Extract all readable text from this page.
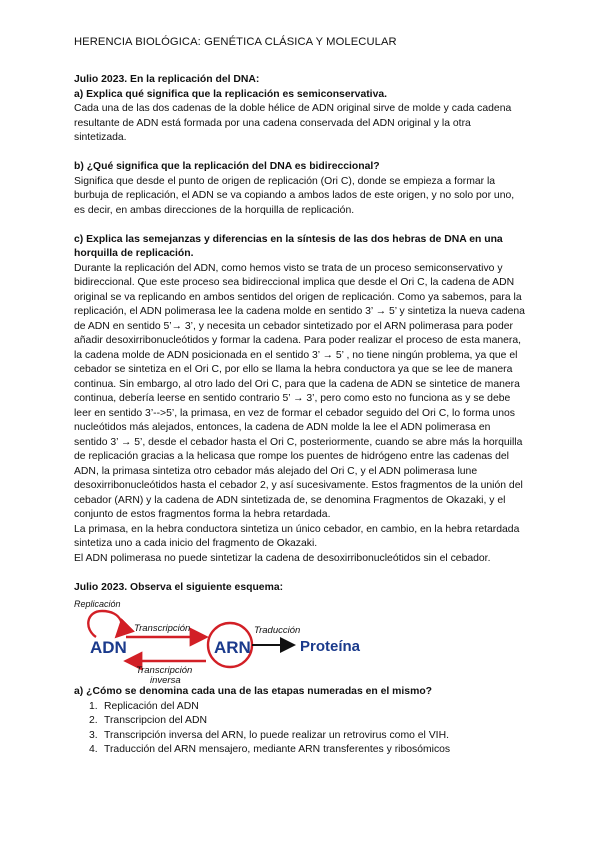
HERENCIA BIOLÓGICA: GENÉTICA CLÁSICA Y MOLECULAR

Julio 2023. En la replicación del DNA:

a) Explica qué significa que la replicación es semiconservativa.

Cada una de las dos cadenas de la doble hélice de ADN original sirve de molde y cada cadena resultante de ADN está formada por una cadena conservada del ADN original y la otra sintetizada.

b) ¿Qué significa que la replicación del DNA es bidireccional?

Significa que desde el punto de origen de replicación (Ori C), donde se empieza a formar la burbuja de replicación, el ADN se va copiando a ambos lados de este origen, y no solo por uno, es decir, en ambas direcciones de la horquilla de replicación.

c) Explica las semejanzas y diferencias en la síntesis de las dos hebras de DNA en una horquilla de replicación.

Durante la replicación del ADN, como hemos visto se trata de un proceso semiconservativo y bidireccional. Que este proceso sea bidireccional implica que desde el Ori C, la cadena de ADN original se va replicando en ambos sentidos del origen de replicación. Como ya sabemos, para la replicación, el ADN polimerasa lee la cadena molde en sentido 3’ → 5’ y sintetiza la nueva cadena de ADN en sentido 5’→ 3’, y necesita un cebador sintetizado por el ARN polimerasa para poder añadir desoxirribonucleótidos y formar la cadena. Para poder realizar el proceso de esta manera, la cadena molde de ADN posicionada en el sentido 3’ → 5’ , no tiene ningún problema, ya que el cebador se sintetiza en el Ori C, por ello se llama la hebra conductora ya que se lee de manera continua. Sin embargo, al otro lado del Ori C, para que la cadena de ADN se sintetice de manera continua, debería leerse en sentido contrario 5’ → 3’, pero como esto no funciona as y se debe leer en sentido 3’-->5’, la primasa, en vez de formar el cebador seguido del Ori C, lo forma unos nucleótidos más alejados, entonces, la cadena de ADN molde la lee el ADN polimerasa en sentido 3’ → 5’, desde el cebador hasta el Ori C, posteriormente, cuando se abre más la horquilla de replicación gracias a la helicasa que rompe los puentes de hidrógeno entre las cadenas del ADN, la primasa sintetiza otro cebador más alejado del Ori C, y el ADN polimerasa lune desoxirribonucleótidos hasta el cebador 2, y así sucesivamente. Estos fragmentos de la unión del cebador (ARN) y la cadena de ADN sintetizada de, se denomina Fragmentos de Okazaki, y el conjunto de estos fragmentos forma la hebra retardada.

La primasa, en la hebra conductora sintetiza un único cebador, en cambio, en la hebra retardada sintetiza uno a cada inicio del fragmento de Okazaki.

El ADN polimerasa no puede sintetizar la cadena de desoxirribonucleótidos sin el cebador.

Julio 2023. Observa el siguiente esquema:

Replicación
ADN
Transcripción
Transcripción
inversa
ARN
Traducción
Proteína

a) ¿Cómo se denomina cada una de las etapas numeradas en el mismo?

1. Replicación del ADN
2. Transcripcion del ADN
3. Transcripción inversa del ARN, lo puede realizar un retrovirus como el VIH.
4. Traducción del ARN mensajero, mediante ARN transferentes y ribosómicos
